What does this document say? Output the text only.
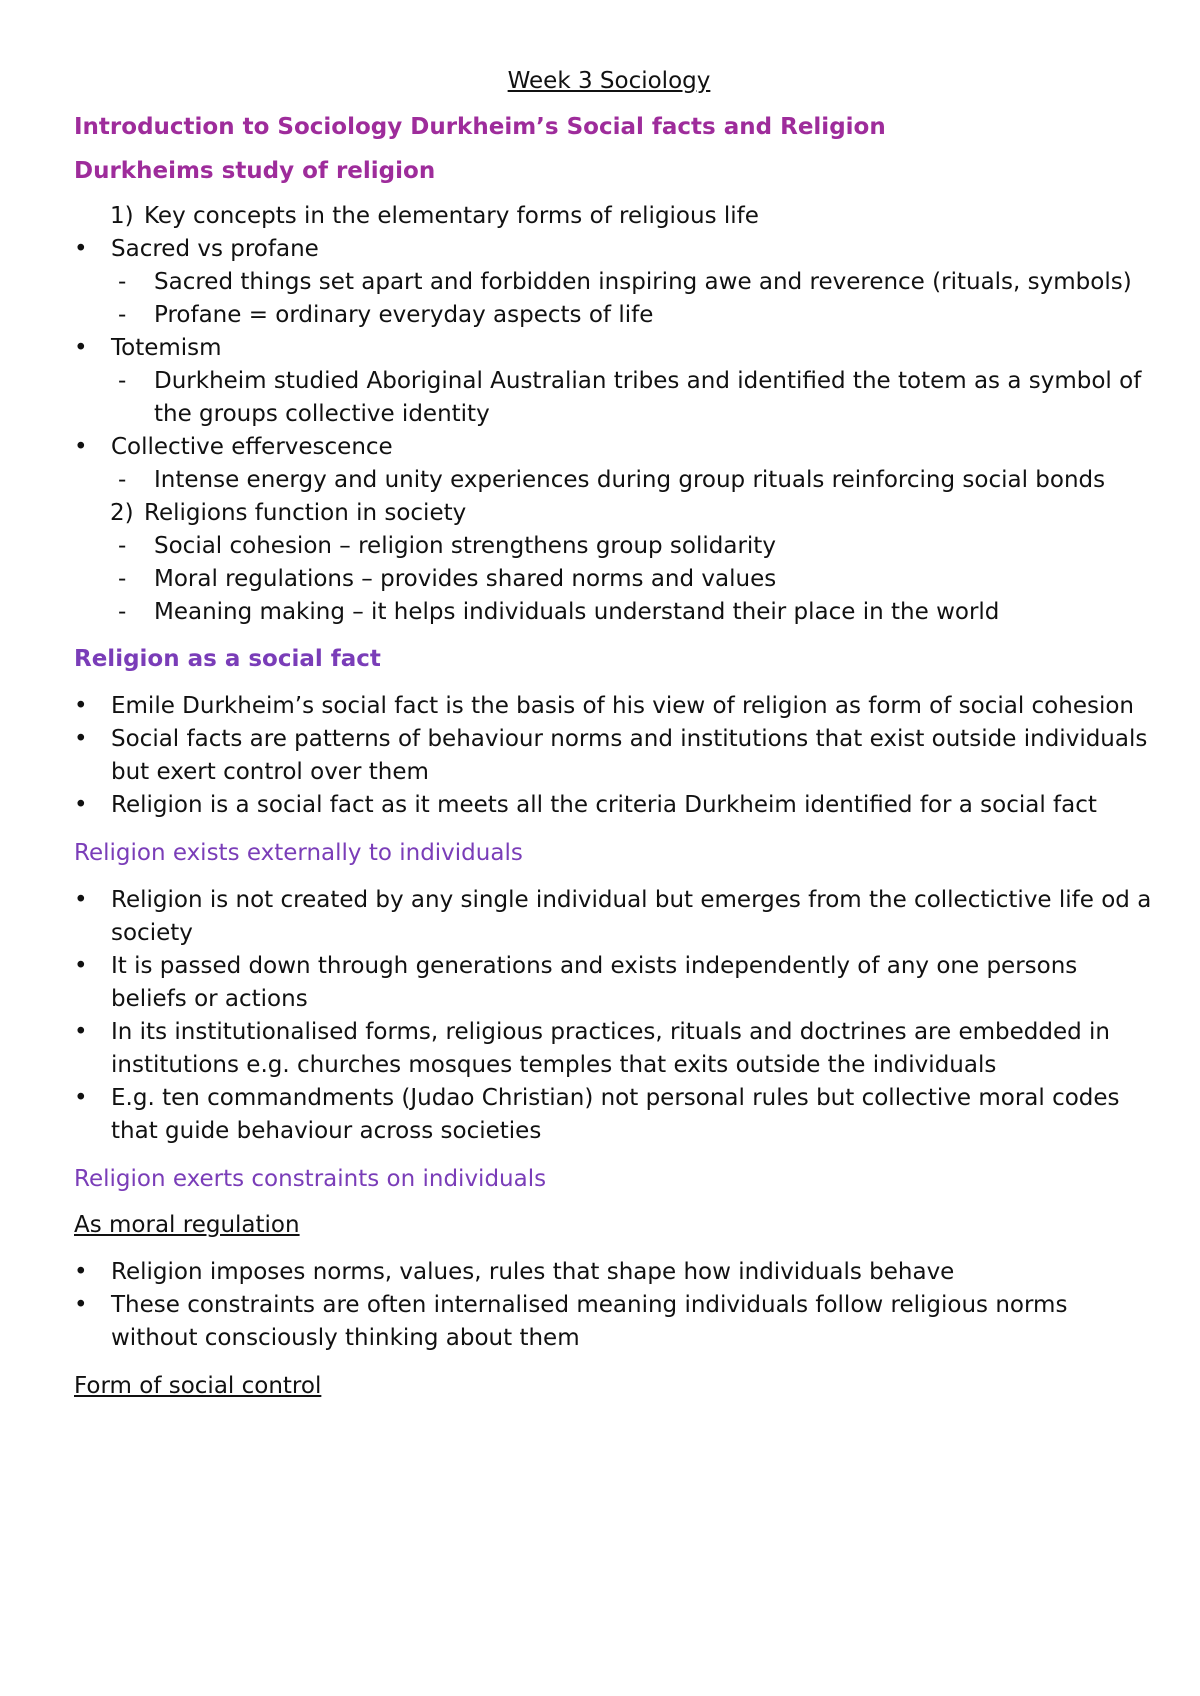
Week 3 Sociology
Introduction to Sociology Durkheim’s Social facts and Religion
Durkheims study of religion
1) Key concepts in the elementary forms of religious life
• Sacred vs profane
- Sacred things set apart and forbidden inspiring awe and reverence (rituals, symbols)
- Profane = ordinary everyday aspects of life
• Totemism
- Durkheim studied Aboriginal Australian tribes and identified the totem as a symbol of the groups collective identity
• Collective effervescence
- Intense energy and unity experiences during group rituals reinforcing social bonds
2) Religions function in society
- Social cohesion – religion strengthens group solidarity
- Moral regulations – provides shared norms and values
- Meaning making – it helps individuals understand their place in the world
Religion as a social fact
• Emile Durkheim’s social fact is the basis of his view of religion as form of social cohesion
• Social facts are patterns of behaviour norms and institutions that exist outside individuals but exert control over them
• Religion is a social fact as it meets all the criteria Durkheim identified for a social fact
Religion exists externally to individuals
• Religion is not created by any single individual but emerges from the collectictive life od a society
• It is passed down through generations and exists independently of any one persons beliefs or actions
• In its institutionalised forms, religious practices, rituals and doctrines are embedded in institutions e.g. churches mosques temples that exits outside the individuals
• E.g. ten commandments (Judao Christian) not personal rules but collective moral codes that guide behaviour across societies
Religion exerts constraints on individuals
As moral regulation
• Religion imposes norms, values, rules that shape how individuals behave
• These constraints are often internalised meaning individuals follow religious norms without consciously thinking about them
Form of social control
